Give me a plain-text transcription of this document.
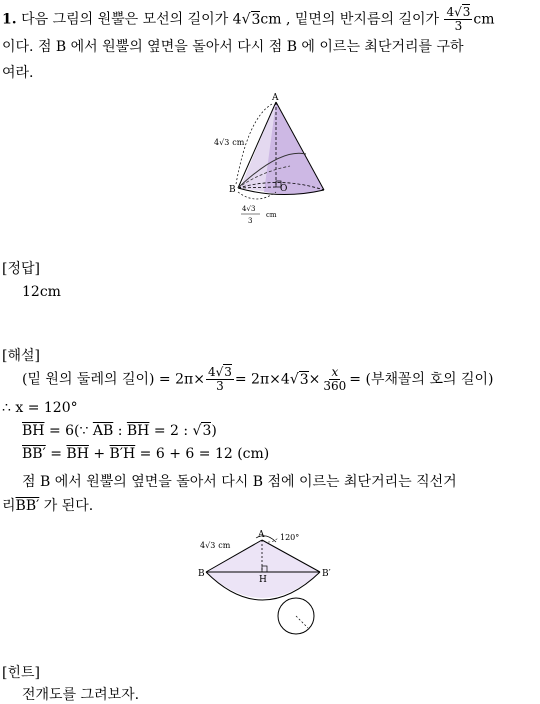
1. 다음 그림의 원뿔은 모선의 길이가 4√3cm , 밑면의 반지름의 길이가 $\frac{4√3}{3}$ cm
이다. 점 B 에서 원뿔의 옆면을 돌아서 다시 점 B 에 이르는 최단거리를 구하
여라.
A
B	O
4√3 cm
4√3
3
cm
[정답]
12cm
[해설]
(밑 원의 둘레의 길이) = $2\pi\times \frac{4√3}{3} = 2\pi\times 4√3\times \frac{x}{360}$ = (부채꼴의 호의 길이)
∴ x = 120°
$\overline{BH}$ = 6(∵ $\overline{AB}$ : $\overline{BH} = 2$ : √3)
$BB' = \overline{BH} + B'H = 6 + 6 = 12$ (cm)
점 B 에서 원뿔의 옆면을 돌아서 다시 B 점에 이르는 최단거리는 직선거
리BB′ 가 된다.
A
B	B′
H
4√3 cm
120°
[힌트]
전개도를 그려보자.
